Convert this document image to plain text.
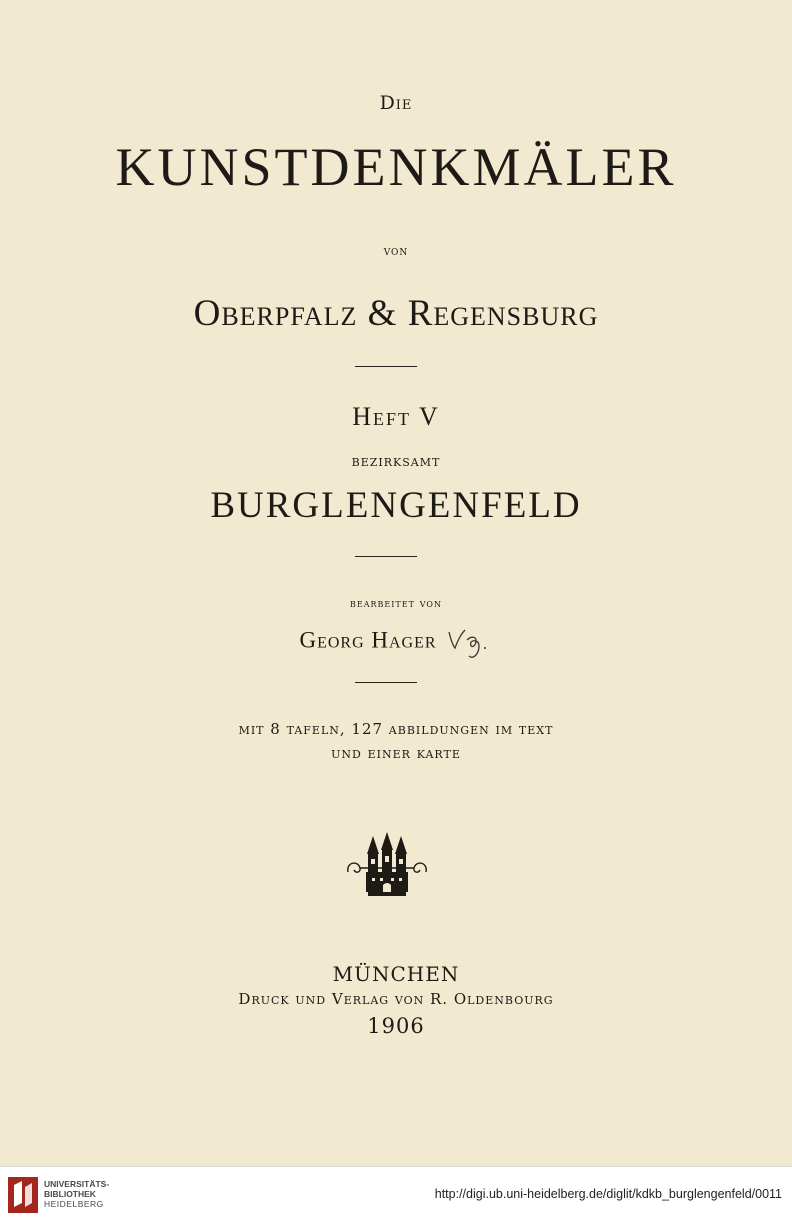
Die
KUNSTDENKMÄLER
von
Oberpfalz & Regensburg
Heft V
bezirksamt
BURGLENGENFELD
bearbeitet von
Georg Hager
mit 8 tafeln, 127 abbildungen im text
und einer karte
MÜNCHEN
Druck und Verlag von R. Oldenbourg
1906
UNIVERSITÄTS-
BIBLIOTHEK
HEIDELBERG
http://digi.ub.uni-heidelberg.de/diglit/kdkb_burglengenfeld/0011
